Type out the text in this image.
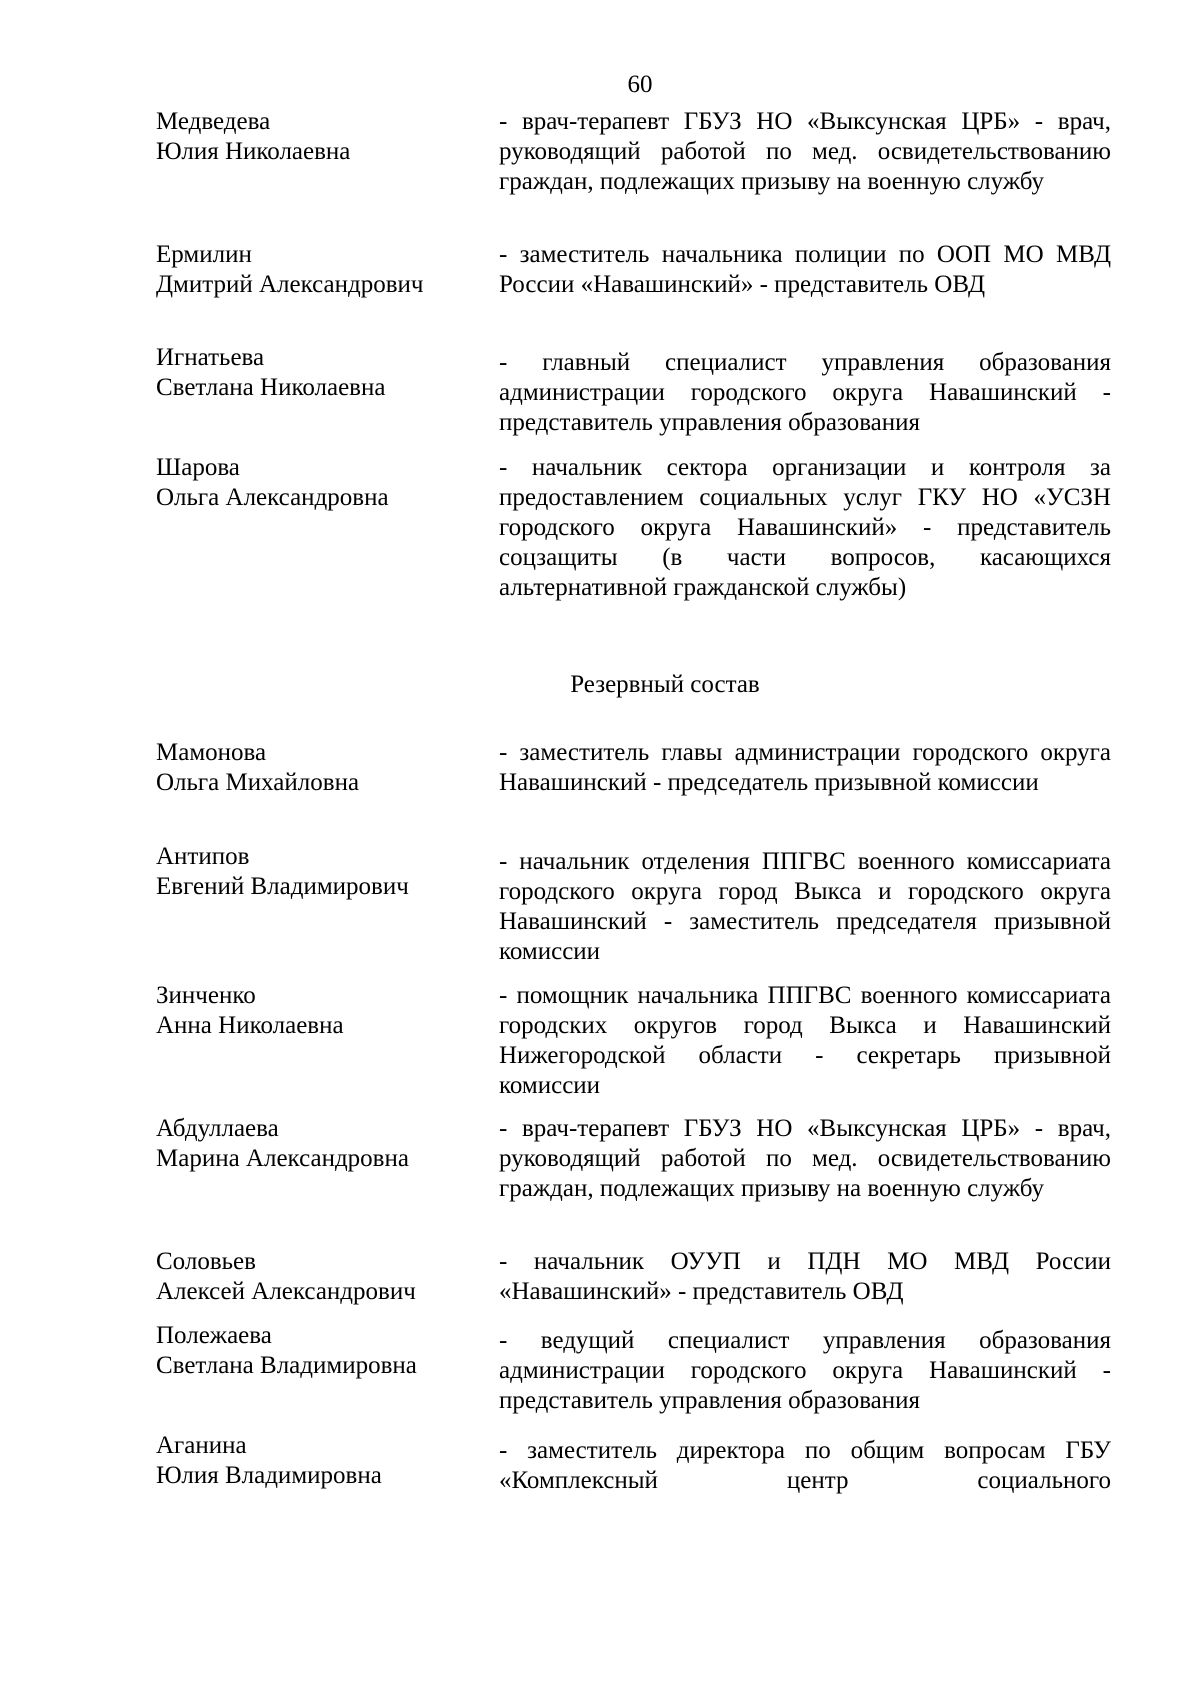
60
Медведева
Юлия Николаевна
- врач-терапевт ГБУЗ НО «Выксунская ЦРБ» - врач, руководящий работой по мед. освидетельствованию граждан, подлежащих призыву на военную службу
Ермилин
Дмитрий Александрович
- заместитель начальника полиции по ООП МО МВД России «Навашинский» - представитель ОВД
Игнатьева
Светлана Николаевна
- главный специалист управления образования администрации городского округа Навашинский - представитель управления образования
Шарова
Ольга Александровна
- начальник сектора организации и контроля за предоставлением социальных услуг ГКУ НО «УСЗН городского округа Навашинский» - представитель соцзащиты (в части вопросов, касающихся альтернативной гражданской службы)
Резервный состав
Мамонова
Ольга Михайловна
- заместитель главы администрации городского округа Навашинский - председатель призывной комиссии
Антипов
Евгений Владимирович
- начальник отделения ППГВС военного комиссариата городского округа город Выкса и городского округа Навашинский - заместитель председателя призывной комиссии
Зинченко
Анна Николаевна
- помощник начальника ППГВС военного комиссариата городских округов город Выкса и Навашинский Нижегородской области - секретарь призывной комиссии
Абдуллаева
Марина Александровна
- врач-терапевт ГБУЗ НО «Выксунская ЦРБ» - врач, руководящий работой по мед. освидетельствованию граждан, подлежащих призыву на военную службу
Соловьев
Алексей Александрович
- начальник ОУУП и ПДН МО МВД России «Навашинский» - представитель ОВД
Полежаева
Светлана Владимировна
- ведущий специалист управления образования администрации городского округа Навашинский - представитель управления образования
Аганина
Юлия Владимировна
- заместитель директора по общим вопросам ГБУ «Комплексный центр социального
